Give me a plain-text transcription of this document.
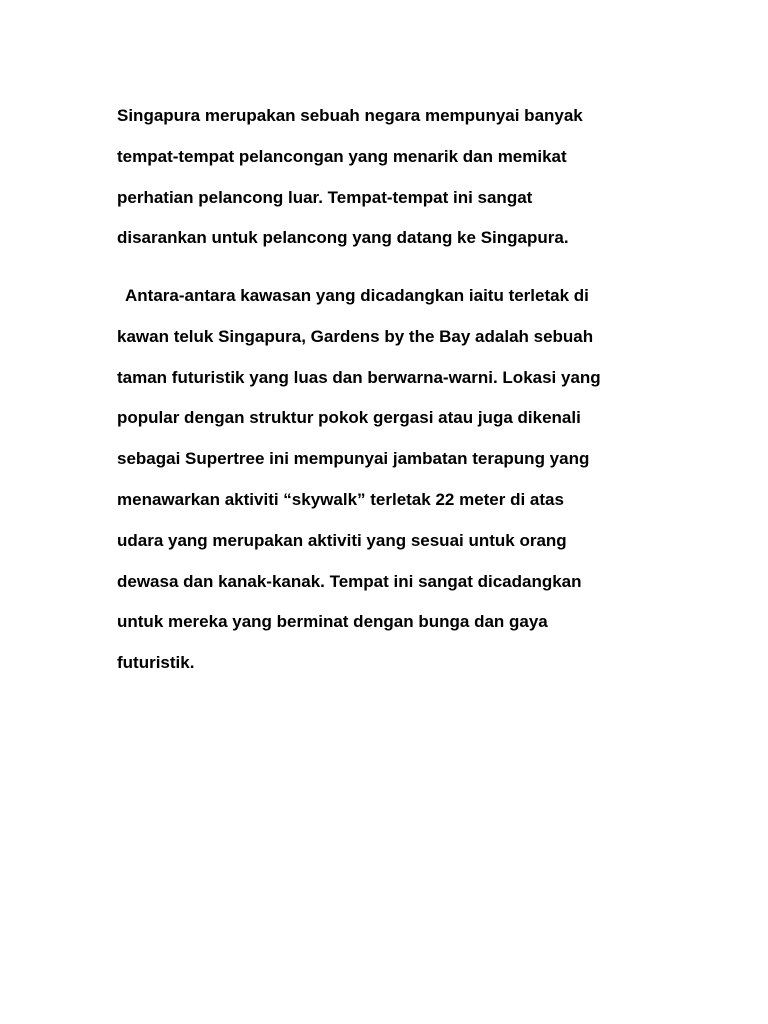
Singapura merupakan sebuah negara mempunyai banyak
tempat-tempat pelancongan yang menarik dan memikat
perhatian pelancong luar. Tempat-tempat ini sangat
disarankan untuk pelancong yang datang ke Singapura.
Antara-antara kawasan yang dicadangkan iaitu terletak di
kawan teluk Singapura, Gardens by the Bay adalah sebuah
taman futuristik yang luas dan berwarna-warni. Lokasi yang
popular dengan struktur pokok gergasi atau juga dikenali
sebagai Supertree ini mempunyai jambatan terapung yang
menawarkan aktiviti “skywalk” terletak 22 meter di atas
udara yang merupakan aktiviti yang sesuai untuk orang
dewasa dan kanak-kanak. Tempat ini sangat dicadangkan
untuk mereka yang berminat dengan bunga dan gaya
futuristik.
